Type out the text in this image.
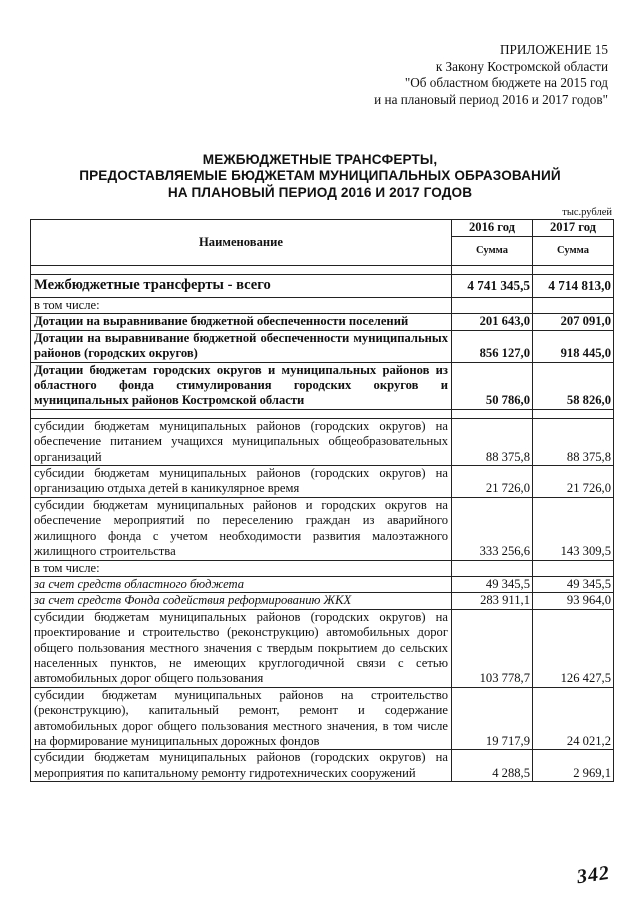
ПРИЛОЖЕНИЕ 15
к Закону Костромской области
"Об областном бюджете на 2015 год
и на плановый период 2016 и 2017 годов"
МЕЖБЮДЖЕТНЫЕ ТРАНСФЕРТЫ,
ПРЕДОСТАВЛЯЕМЫЕ БЮДЖЕТАМ МУНИЦИПАЛЬНЫХ ОБРАЗОВАНИЙ
НА ПЛАНОВЫЙ ПЕРИОД 2016 И 2017 ГОДОВ
тыс.рублей
Наименование	2016 год	2017 год
	Сумма	Сумма

Межбюджетные трансферты - всего	4 741 345,5	4 714 813,0
в том числе:		
Дотации на выравнивание бюджетной обеспеченности поселений	201 643,0	207 091,0
Дотации на выравнивание бюджетной обеспеченности муниципальных районов (городских округов)	856 127,0	918 445,0
Дотации бюджетам городских округов и муниципальных районов из областного фонда стимулирования городских округов и муниципальных районов Костромской области	50 786,0	58 826,0

субсидии бюджетам муниципальных районов (городских округов) на обеспечение питанием учащихся муниципальных общеобразовательных организаций	88 375,8	88 375,8
субсидии бюджетам муниципальных районов (городских округов) на организацию отдыха детей в каникулярное время	21 726,0	21 726,0
субсидии бюджетам муниципальных районов и городских округов на обеспечение мероприятий по переселению граждан из аварийного жилищного фонда с учетом необходимости развития малоэтажного жилищного строительства	333 256,6	143 309,5
в том числе:		
за счет средств областного бюджета	49 345,5	49 345,5
за счет средств Фонда содействия реформированию ЖКХ	283 911,1	93 964,0
субсидии бюджетам муниципальных районов (городских округов) на проектирование и строительство (реконструкцию) автомобильных дорог общего пользования местного значения с твердым покрытием до сельских населенных пунктов, не имеющих круглогодичной связи с сетью автомобильных дорог общего пользования	103 778,7	126 427,5
субсидии бюджетам муниципальных районов на строительство (реконструкцию), капитальный ремонт, ремонт и содержание автомобильных дорог общего пользования местного значения, в том числе на формирование муниципальных дорожных фондов	19 717,9	24 021,2
субсидии бюджетам муниципальных районов (городских округов) на мероприятия по капитальному ремонту гидротехнических сооружений	4 288,5	2 969,1
342
